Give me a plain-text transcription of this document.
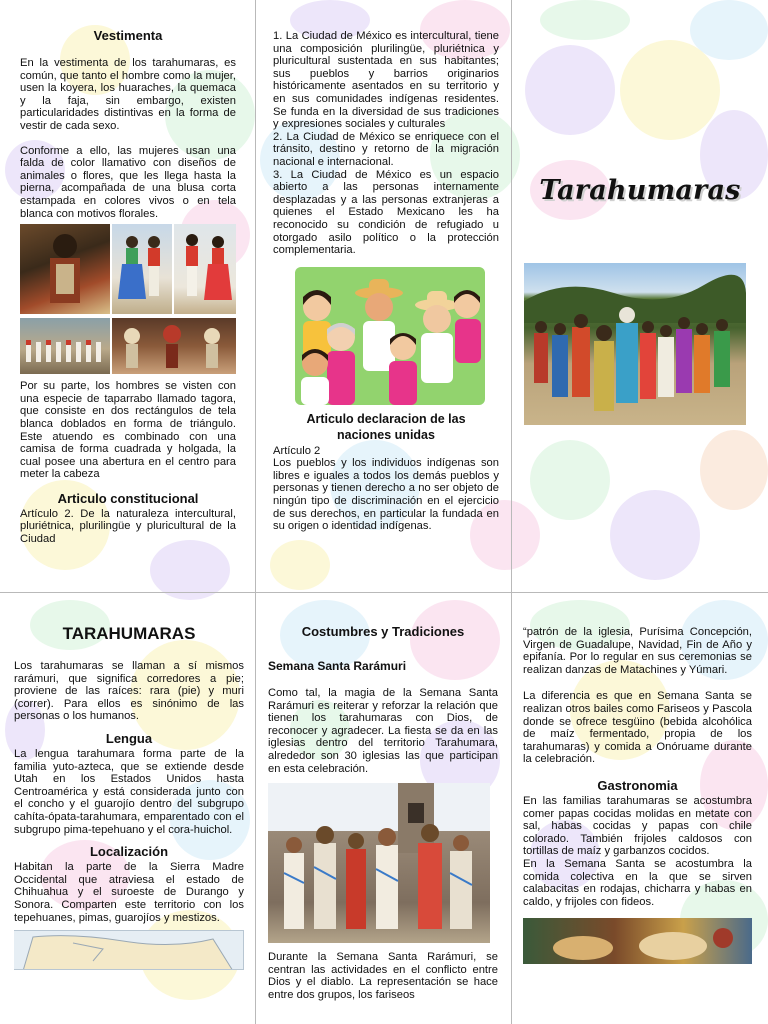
Vestimenta

En la vestimenta de los tarahumaras, es común, que tanto el hombre como la mujer, usen la koyera, los huaraches, la quemaca y la faja, sin embargo, existen particularidades distintivas en la forma de vestir de cada sexo.

Conforme a ello, las mujeres usan una falda de color llamativo con diseños de animales o flores, que les llega hasta la pierna, acompañada de una blusa corta estampada en colores vivos o en tela blanca con motivos florales.

Por su parte, los hombres se visten con una especie de taparrabo llamado tagora, que consiste en dos rectángulos de tela blanca doblados en forma de triángulo. Este atuendo es combinado con una camisa de forma cuadrada y holgada, la cual posee una abertura en el centro para meter la cabeza

Articulo constitucional
Artículo 2. De la naturaleza intercultural, pluriétnica, plurilingüe y pluricultural de la Ciudad
1. La Ciudad de México es intercultural, tiene una composición plurilingüe, pluriétnica y pluricultural sustentada en sus habitantes; sus pueblos y barrios originarios históricamente asentados en su territorio y en sus comunidades indígenas residentes. Se funda en la diversidad de sus tradiciones y expresiones sociales y culturales
2. La Ciudad de México se enriquece con el tránsito, destino y retorno de la migración nacional e internacional.
3. La Ciudad de México es un espacio abierto a las personas internamente desplazadas y a las personas extranjeras a quienes el Estado Mexicano les ha reconocido su condición de refugiado u otorgado asilo político o la protección complementaria.
Articulo declaracion de las naciones unidas
Artículo 2
Los pueblos y los individuos indígenas son libres e iguales a todos los demás pueblos y personas y tienen derecho a no ser objeto de ningún tipo de discriminación en el ejercicio de sus derechos, en particular la fundada en su origen o identidad indígenas.
Tarahumaras
TARAHUMARAS

Los tarahumaras se llaman a sí mismos rarámuri, que significa corredores a pie; proviene de las raíces: rara (pie) y muri (correr). Para ellos es sinónimo de las personas o los humanos.

Lengua

La lengua tarahumara forma parte de la familia yuto-azteca, que se extiende desde Utah en los Estados Unidos hasta Centroamérica y está considerada junto con el concho y el guarojío dentro del subgrupo cahíta-ópata-tarahumara, emparentado con el subgrupo pima-tepehuano y el cora-huichol.

Localización

Habitan la parte de la Sierra Madre Occidental que atraviesa el estado de Chihuahua y el suroeste de Durango y Sonora. Comparten este territorio con los tepehuanes, pimas, guarojíos y mestizos.

Costumbres y Tradiciones
Semana Santa Rarámuri

Como tal, la magia de la Semana Santa Rarámuri es reiterar y reforzar la relación que tienen los tarahumaras con Dios, de reconocer y agradecer. La fiesta se da en las iglesias dentro del territorio Tarahumara, alrededor son 30 iglesias las que participan en esta celebración.

Durante la Semana Santa Rarámuri, se centran las actividades en el conflicto entre Dios y el diablo. La representación se hace entre dos grupos, los fariseos

“patrón de la iglesia, Purísima Concepción, Virgen de Guadalupe, Navidad, Fin de Año y epifanía. Por lo regular en sus ceremonias se realizan danzas de Matachines y Yúmari.

La diferencia es que en Semana Santa se realizan otros bailes como Fariseos y Pascola donde se ofrece tesgüino (bebida alcohólica de maíz fermentado, propia de los tarahumaras) y comida a Onóruame durante la celebración.

Gastronomia
En las familias tarahumaras se acostumbra comer papas cocidas molidas en metate con sal, habas cocidas y papas con chile colorado. También frijoles caldosos con tortillas de maíz y garbanzos cocidos.
En la Semana Santa se acostumbra la comida colectiva en la que se sirven calabacitas en rodajas, chicharra y habas en caldo, y frijoles con fideos.
